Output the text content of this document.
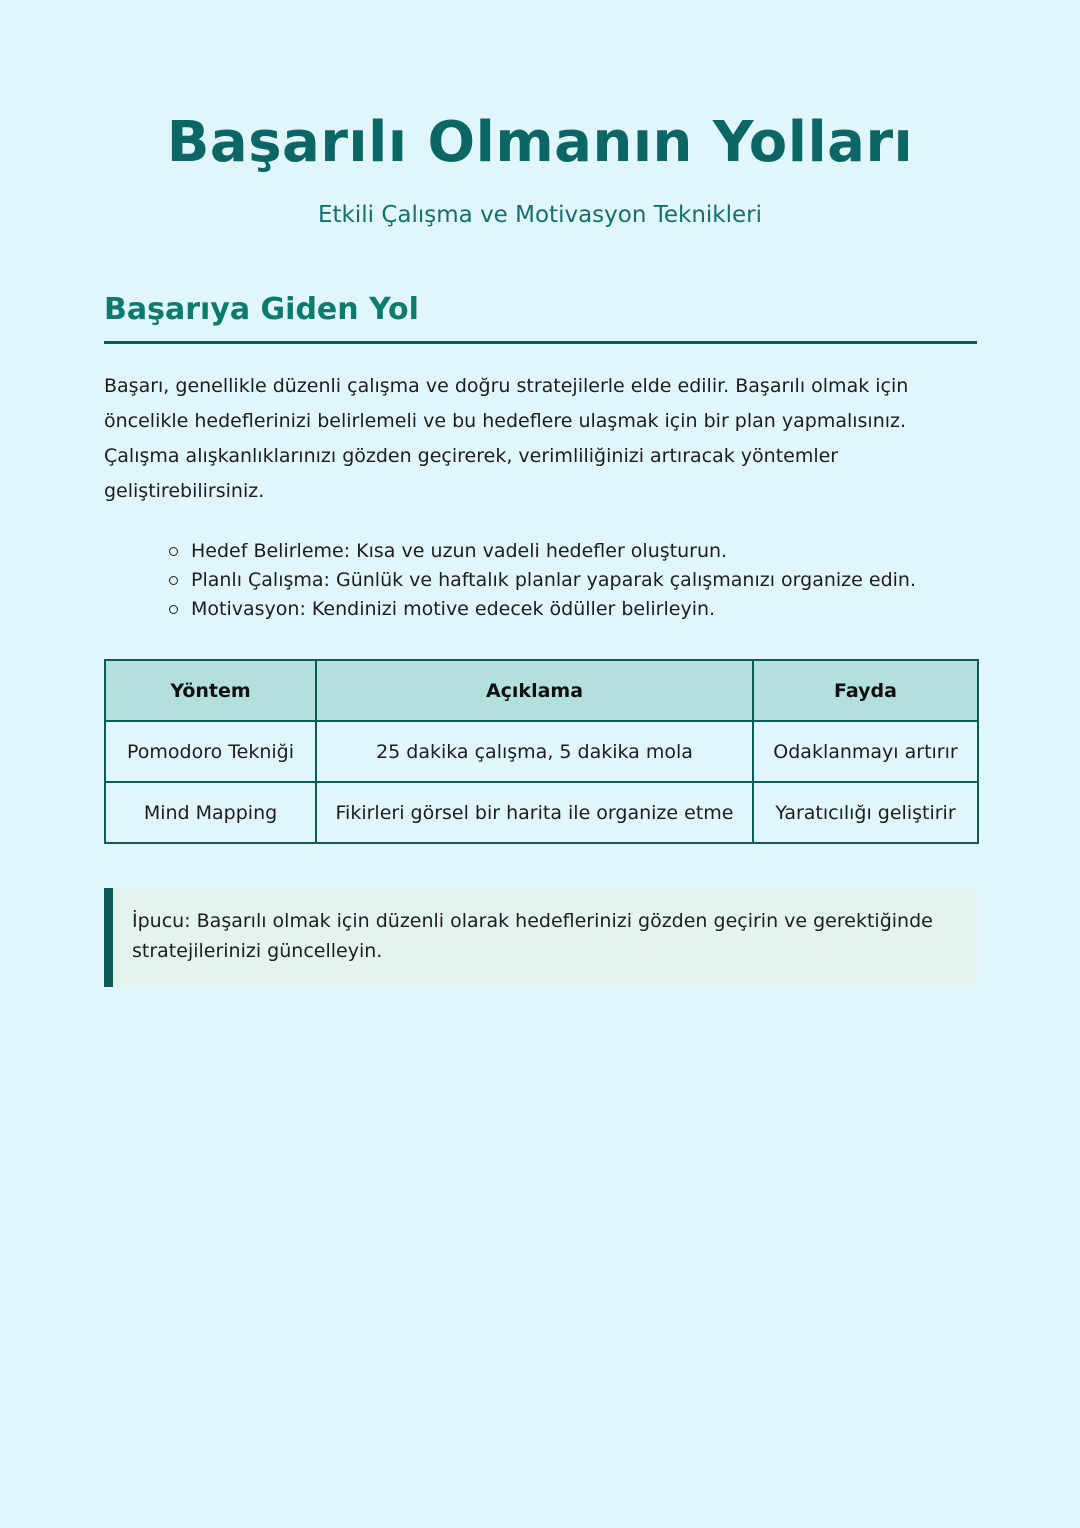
Başarılı Olmanın Yolları

Etkili Çalışma ve Motivasyon Teknikleri

Başarıya Giden Yol

Başarı, genellikle düzenli çalışma ve doğru stratejilerle elde edilir. Başarılı olmak için öncelikle hedeflerinizi belirlemeli ve bu hedeflere ulaşmak için bir plan yapmalısınız. Çalışma alışkanlıklarınızı gözden geçirerek, verimliliğinizi artıracak yöntemler geliştirebilirsiniz.

Hedef Belirleme: Kısa ve uzun vadeli hedefler oluşturun.
Planlı Çalışma: Günlük ve haftalık planlar yaparak çalışmanızı organize edin.
Motivasyon: Kendinizi motive edecek ödüller belirleyin.
Yöntem	Açıklama	Fayda
Pomodoro Tekniği	25 dakika çalışma, 5 dakika mola	Odaklanmayı artırır
Mind Mapping	Fikirleri görsel bir harita ile organize etme	Yaratıcılığı geliştirir

İpucu: Başarılı olmak için düzenli olarak hedeflerinizi gözden geçirin ve gerektiğinde stratejilerinizi güncelleyin.
